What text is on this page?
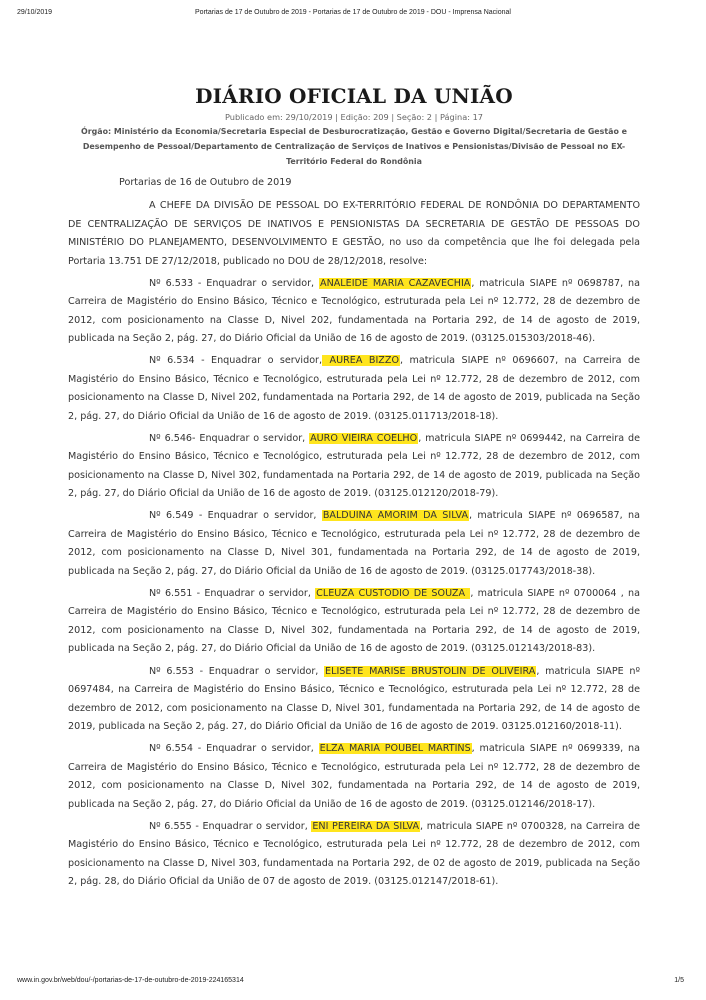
29/10/2019	Portarias de 17 de Outubro de 2019 - Portarias de 17 de Outubro de 2019 - DOU - Imprensa Nacional
DIÁRIO OFICIAL DA UNIÃO
Publicado em: 29/10/2019 | Edição: 209 | Seção: 2 | Página: 17
Órgão: Ministério da Economia/Secretaria Especial de Desburocratização, Gestão e Governo Digital/Secretaria de Gestão e Desempenho de Pessoal/Departamento de Centralização de Serviços de Inativos e Pensionistas/Divisão de Pessoal no EX-Território Federal do Rondônia
Portarias de 16 de Outubro de 2019

A CHEFE DA DIVISÃO DE PESSOAL DO EX-TERRITÓRIO FEDERAL DE RONDÔNIA DO DEPARTAMENTO DE CENTRALIZAÇÃO DE SERVIÇOS DE INATIVOS E PENSIONISTAS DA SECRETARIA DE GESTÃO DE PESSOAS DO MINISTÉRIO DO PLANEJAMENTO, DESENVOLVIMENTO E GESTÃO, no uso da competência que lhe foi delegada pela Portaria 13.751 DE 27/12/2018, publicado no DOU de 28/12/2018, resolve:

Nº 6.533 - Enquadrar o servidor, ANALEIDE MARIA CAZAVECHIA, matricula SIAPE nº 0698787, na Carreira de Magistério do Ensino Básico, Técnico e Tecnológico, estruturada pela Lei nº 12.772, 28 de dezembro de 2012, com posicionamento na Classe D, Nivel 202, fundamentada na Portaria 292, de 14 de agosto de 2019, publicada na Seção 2, pág. 27, do Diário Oficial da União de 16 de agosto de 2019. (03125.015303/2018-46).

Nº 6.534 - Enquadrar o servidor, AUREA BIZZO, matricula SIAPE nº 0696607, na Carreira de Magistério do Ensino Básico, Técnico e Tecnológico, estruturada pela Lei nº 12.772, 28 de dezembro de 2012, com posicionamento na Classe D, Nivel 202, fundamentada na Portaria 292, de 14 de agosto de 2019, publicada na Seção 2, pág. 27, do Diário Oficial da União de 16 de agosto de 2019. (03125.011713/2018-18).

Nº 6.546- Enquadrar o servidor, AURO VIEIRA COELHO, matricula SIAPE nº 0699442, na Carreira de Magistério do Ensino Básico, Técnico e Tecnológico, estruturada pela Lei nº 12.772, 28 de dezembro de 2012, com posicionamento na Classe D, Nivel 302, fundamentada na Portaria 292, de 14 de agosto de 2019, publicada na Seção 2, pág. 27, do Diário Oficial da União de 16 de agosto de 2019. (03125.012120/2018-79).

Nº 6.549 - Enquadrar o servidor, BALDUINA AMORIM DA SILVA, matricula SIAPE nº 0696587, na Carreira de Magistério do Ensino Básico, Técnico e Tecnológico, estruturada pela Lei nº 12.772, 28 de dezembro de 2012, com posicionamento na Classe D, Nivel 301, fundamentada na Portaria 292, de 14 de agosto de 2019, publicada na Seção 2, pág. 27, do Diário Oficial da União de 16 de agosto de 2019. (03125.017743/2018-38).

Nº 6.551 - Enquadrar o servidor, CLEUZA CUSTODIO DE SOUZA , matricula SIAPE nº 0700064 , na Carreira de Magistério do Ensino Básico, Técnico e Tecnológico, estruturada pela Lei nº 12.772, 28 de dezembro de 2012, com posicionamento na Classe D, Nivel 302, fundamentada na Portaria 292, de 14 de agosto de 2019, publicada na Seção 2, pág. 27, do Diário Oficial da União de 16 de agosto de 2019. (03125.012143/2018-83).

Nº 6.553 - Enquadrar o servidor, ELISETE MARISE BRUSTOLIN DE OLIVEIRA, matricula SIAPE nº 0697484, na Carreira de Magistério do Ensino Básico, Técnico e Tecnológico, estruturada pela Lei nº 12.772, 28 de dezembro de 2012, com posicionamento na Classe D, Nivel 301, fundamentada na Portaria 292, de 14 de agosto de 2019, publicada na Seção 2, pág. 27, do Diário Oficial da União de 16 de agosto de 2019. 03125.012160/2018-11).

Nº 6.554 - Enquadrar o servidor, ELZA MARIA POUBEL MARTINS, matricula SIAPE nº 0699339, na Carreira de Magistério do Ensino Básico, Técnico e Tecnológico, estruturada pela Lei nº 12.772, 28 de dezembro de 2012, com posicionamento na Classe D, Nivel 302, fundamentada na Portaria 292, de 14 de agosto de 2019, publicada na Seção 2, pág. 27, do Diário Oficial da União de 16 de agosto de 2019. (03125.012146/2018-17).

Nº 6.555 - Enquadrar o servidor, ENI PEREIRA DA SILVA, matricula SIAPE nº 0700328, na Carreira de Magistério do Ensino Básico, Técnico e Tecnológico, estruturada pela Lei nº 12.772, 28 de dezembro de 2012, com posicionamento na Classe D, Nivel 303, fundamentada na Portaria 292, de 02 de agosto de 2019, publicada na Seção 2, pág. 28, do Diário Oficial da União de 07 de agosto de 2019. (03125.012147/2018-61).

www.in.gov.br/web/dou/-/portarias-de-17-de-outubro-de-2019-224165314	1/5
